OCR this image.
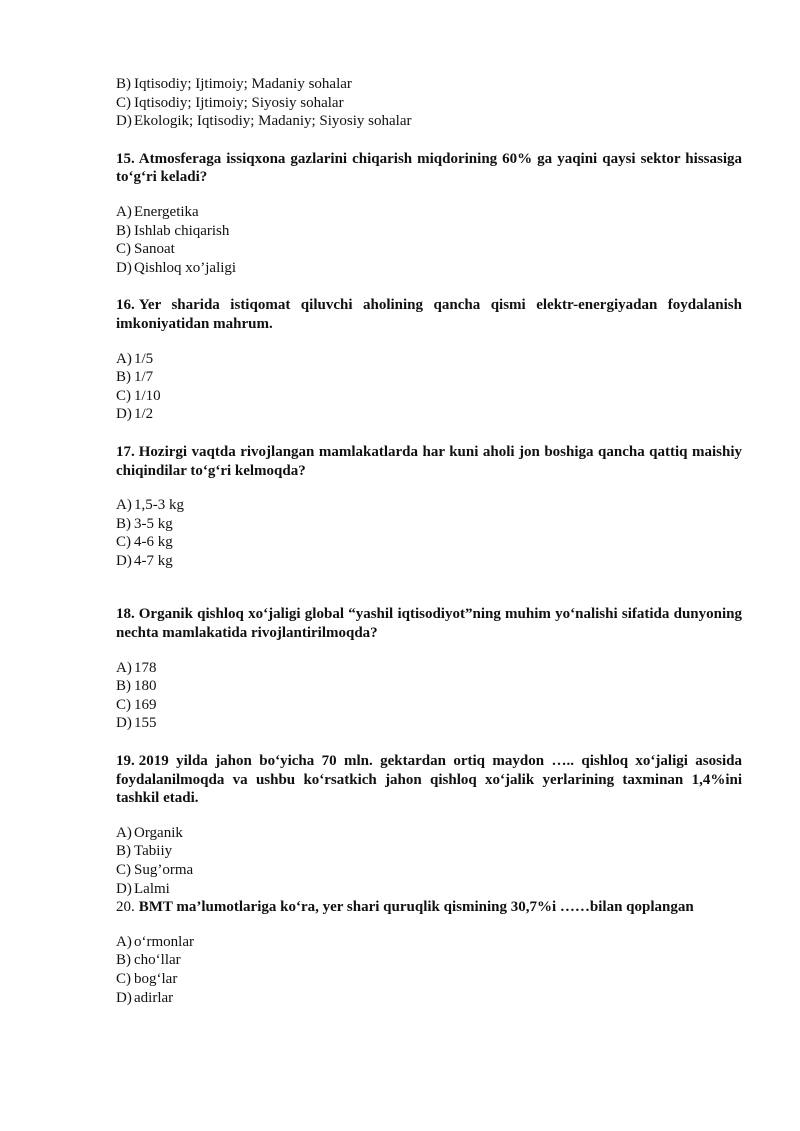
B) Iqtisodiy; Ijtimoiy; Madaniy sohalar
C) Iqtisodiy; Ijtimoiy; Siyosiy sohalar
D) Ekologik; Iqtisodiy; Madaniy; Siyosiy sohalar

15. Atmosferaga issiqxona gazlarini chiqarish miqdorining 60% ga yaqini qaysi sektor hissasiga to‘g‘ri keladi?

A) Energetika
B) Ishlab chiqarish
C) Sanoat
D) Qishloq xo’jaligi

16. Yer sharida istiqomat qiluvchi aholining qancha qismi elektr-energiyadan foydalanish imkoniyatidan mahrum.

A) 1/5
B) 1/7
C) 1/10
D) 1/2

17. Hozirgi vaqtda rivojlangan mamlakatlarda har kuni aholi jon boshiga qancha qattiq maishiy chiqindilar to‘g‘ri kelmoqda?

A) 1,5-3 kg
B) 3-5 kg
C) 4-6 kg
D) 4-7 kg

18. Organik qishloq xo‘jaligi global “yashil iqtisodiyot”ning muhim yo‘nalishi sifatida dunyoning nechta mamlakatida rivojlantirilmoqda?

A) 178
B) 180
C) 169
D) 155

19. 2019 yilda jahon bo‘yicha 70 mln. gektardan ortiq maydon ….. qishloq xo‘jaligi asosida foydalanilmoqda va ushbu ko‘rsatkich jahon qishloq xo‘jalik yerlarining taxminan 1,4%ini tashkil etadi.

A) Organik
B) Tabiiy
C) Sug’orma
D) Lalmi

20. BMT ma’lumotlariga ko‘ra, yer shari quruqlik qismining 30,7%i ……bilan qoplangan

A) o‘rmonlar
B) cho‘llar
C) bog‘lar
D) adirlar
